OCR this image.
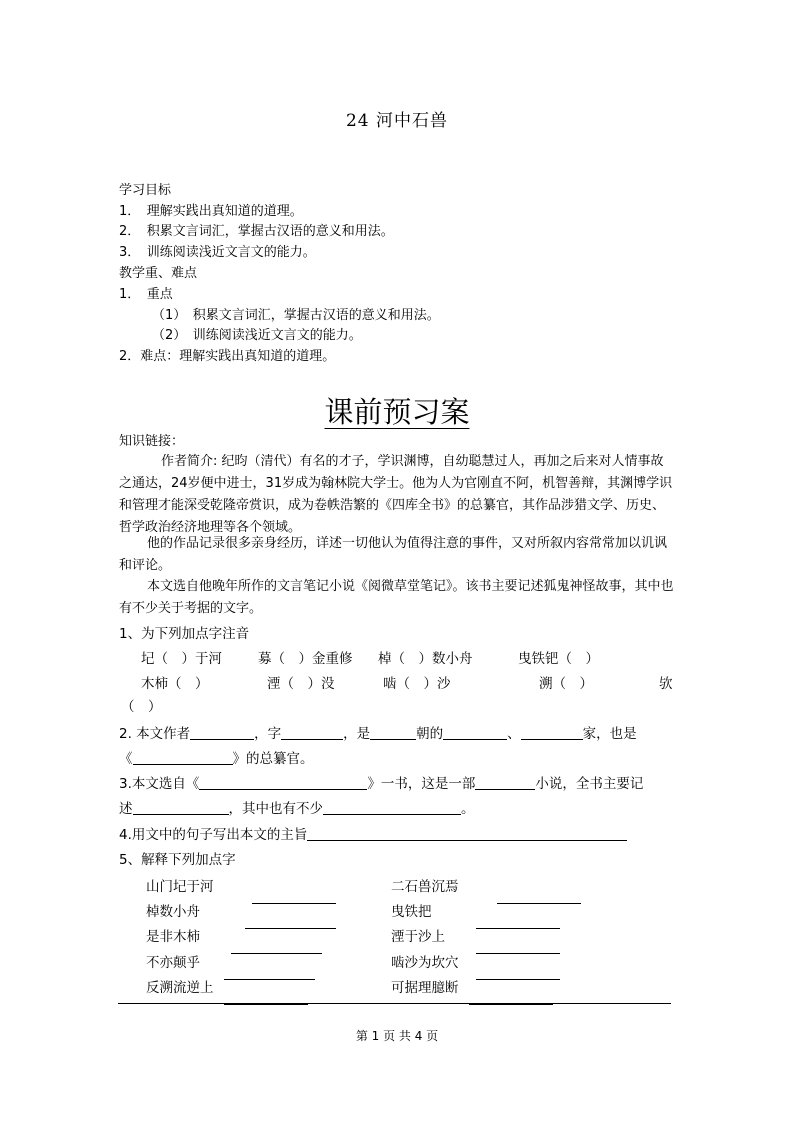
24 河中石兽
学习目标
1．　理解实践出真知道的道理。
2．　积累文言词汇，掌握古汉语的意义和用法。
3．　训练阅读浅近文言文的能力。
教学重、难点
1．　重点
（1）　积累文言词汇，掌握古汉语的意义和用法。
（2）　训练阅读浅近文言文的能力。
2．难点：理解实践出真知道的道理。
课前预习案
知识链接：
作者简介: 纪昀（清代）有名的才子，学识渊博，自幼聪慧过人，再加之后来对人情事故之通达，24岁便中进士，31岁成为翰林院大学士。他为人为官刚直不阿，机智善辩，其渊博学识和管理才能深受乾隆帝赏识，成为卷帙浩繁的《四库全书》的总纂官，其作品涉猎文学、历史、哲学政治经济地理等各个领域。
他的作品记录很多亲身经历，详述一切他认为值得注意的事件，又对所叙内容常常加以讥讽和评论。
本文选自他晚年所作的文言笔记小说《阅微草堂笔记》。该书主要记述狐鬼神怪故事，其中也有不少关于考据的文字。
1、为下列加点字注音
圮（　）于河	募（　）金重修 棹（　）数小舟	曳铁钯（　）
木柿（　）	湮（　）没	啮（　）沙	溯（　）	欤
（　）
2. 本文作者	，字	，是	朝的	、	家，也是
《	》的总纂官。
3.本文选自《	》一书，这是一部	小说，全书主要记
述	，其中也有不少	。
4.用文中的句子写出本文的主旨
5、解释下列加点字
山门圮于河	二石兽沉焉
棹数小舟	曳铁把
是非木柿	湮于沙上
不亦颠乎	啮沙为坎穴
反溯流逆上	可据理臆断
第 1 页 共 4 页
